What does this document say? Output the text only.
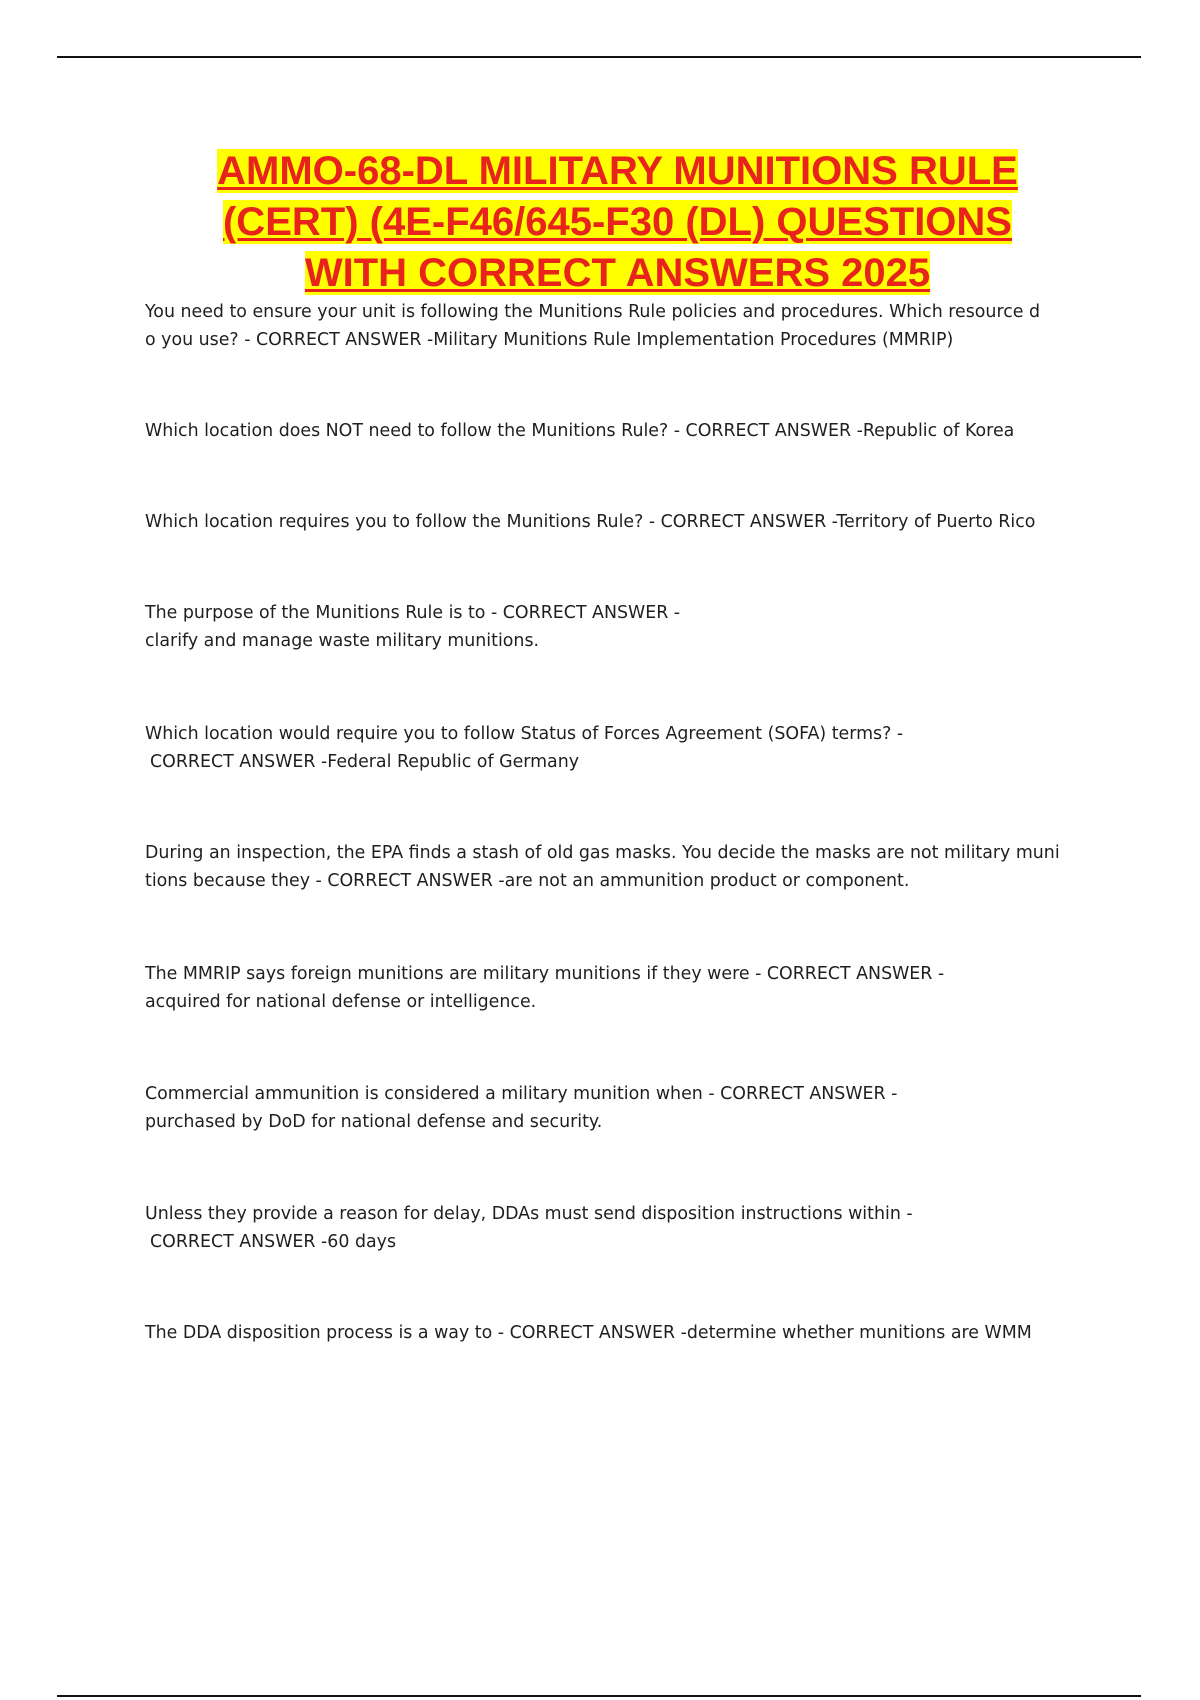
AMMO-68-DL MILITARY MUNITIONS RULE
(CERT) (4E-F46/645-F30 (DL) QUESTIONS
WITH CORRECT ANSWERS 2025

You need to ensure your unit is following the Munitions Rule policies and procedures. Which resource d
o you use? - CORRECT ANSWER -Military Munitions Rule Implementation Procedures (MMRIP)

Which location does NOT need to follow the Munitions Rule? - CORRECT ANSWER -Republic of Korea

Which location requires you to follow the Munitions Rule? - CORRECT ANSWER -Territory of Puerto Rico

The purpose of the Munitions Rule is to - CORRECT ANSWER -
clarify and manage waste military munitions.

Which location would require you to follow Status of Forces Agreement (SOFA) terms? -
CORRECT ANSWER -Federal Republic of Germany

During an inspection, the EPA finds a stash of old gas masks. You decide the masks are not military muni
tions because they - CORRECT ANSWER -are not an ammunition product or component.

The MMRIP says foreign munitions are military munitions if they were - CORRECT ANSWER -
acquired for national defense or intelligence.

Commercial ammunition is considered a military munition when - CORRECT ANSWER -
purchased by DoD for national defense and security.

Unless they provide a reason for delay, DDAs must send disposition instructions within -
CORRECT ANSWER -60 days

The DDA disposition process is a way to - CORRECT ANSWER -determine whether munitions are WMM
